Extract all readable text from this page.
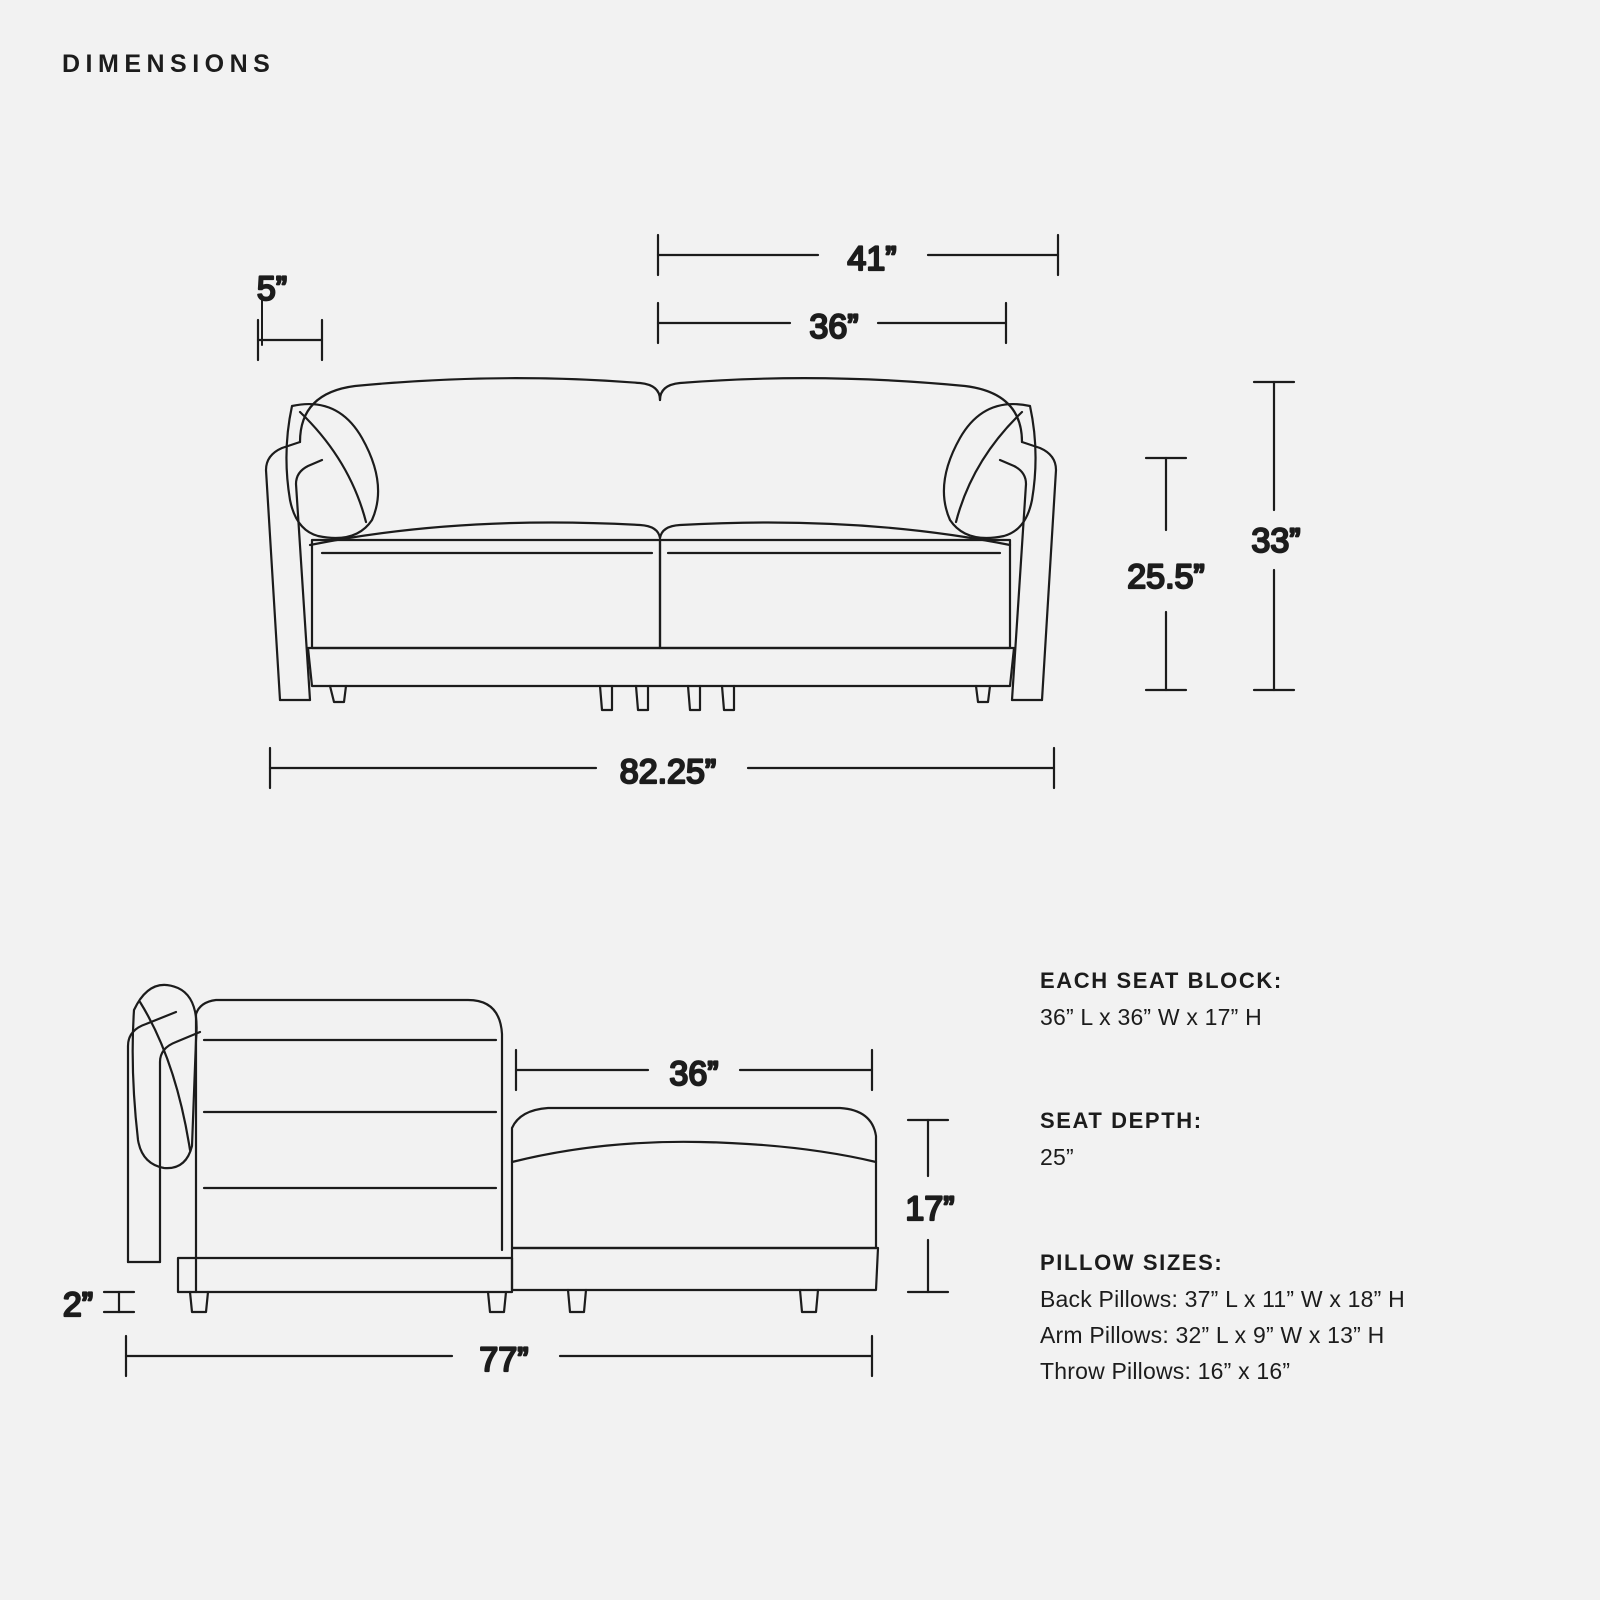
DIMENSIONS
5”
41”
36”
25.5”
33”
82.25”
2”
36”
17”
77”

EACH SEAT BLOCK:

36” L x 36” W x 17” H

SEAT DEPTH:

25”

PILLOW SIZES:

Back Pillows: 37” L x 11” W x 18” H

Arm Pillows: 32” L x 9” W x 13” H

Throw Pillows: 16” x 16”
